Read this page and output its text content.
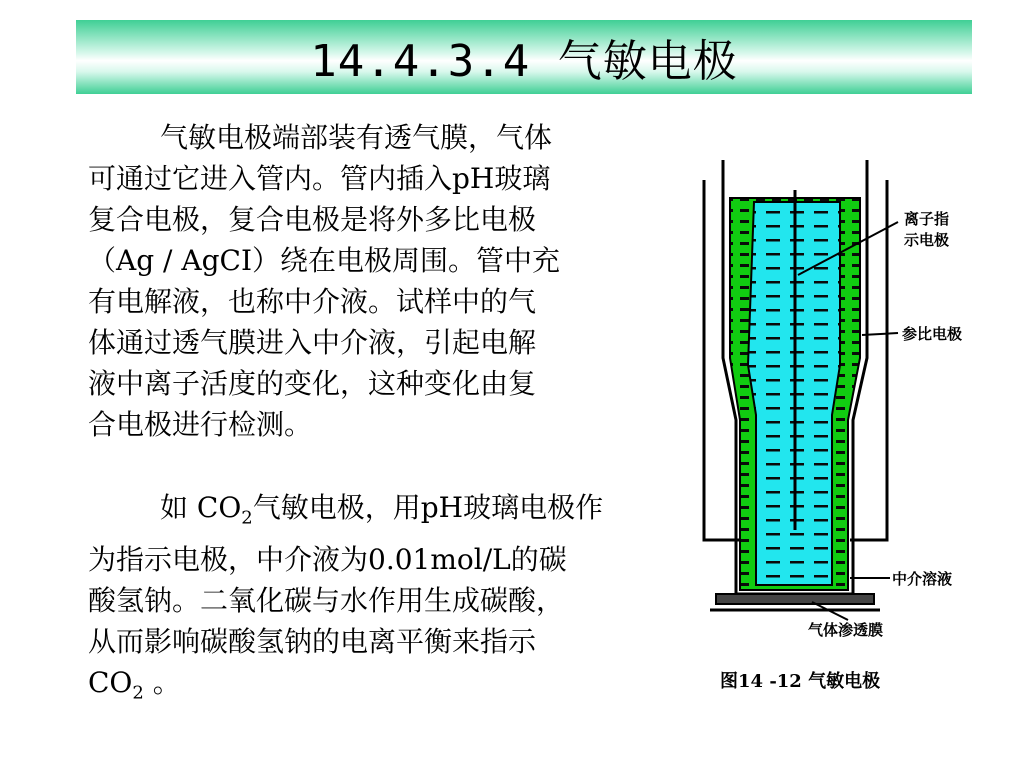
14.4.3.4 气敏电极

气敏电极端部装有透气膜，气体
可通过它进入管内。管内插入pH玻璃
复合电极，复合电极是将外多比电极
（Ag / AgCI）绕在电极周围。管中充
有电解液，也称中介液。试样中的气
体通过透气膜进入中介液，引起电解
液中离子活度的变化，这种变化由复
合电极进行检测。

如 $CO_2$气敏电极，用pH玻璃电极作
为指示电极，中介液为0.01mol/L的碳
酸氢钠。二氧化碳与水作用生成碳酸，
从而影响碳酸氢钠的电离平衡来指示
$CO_2$ 。

离子指
示电极
参比电极
中介溶液
气体渗透膜
图14 -12 气敏电极
